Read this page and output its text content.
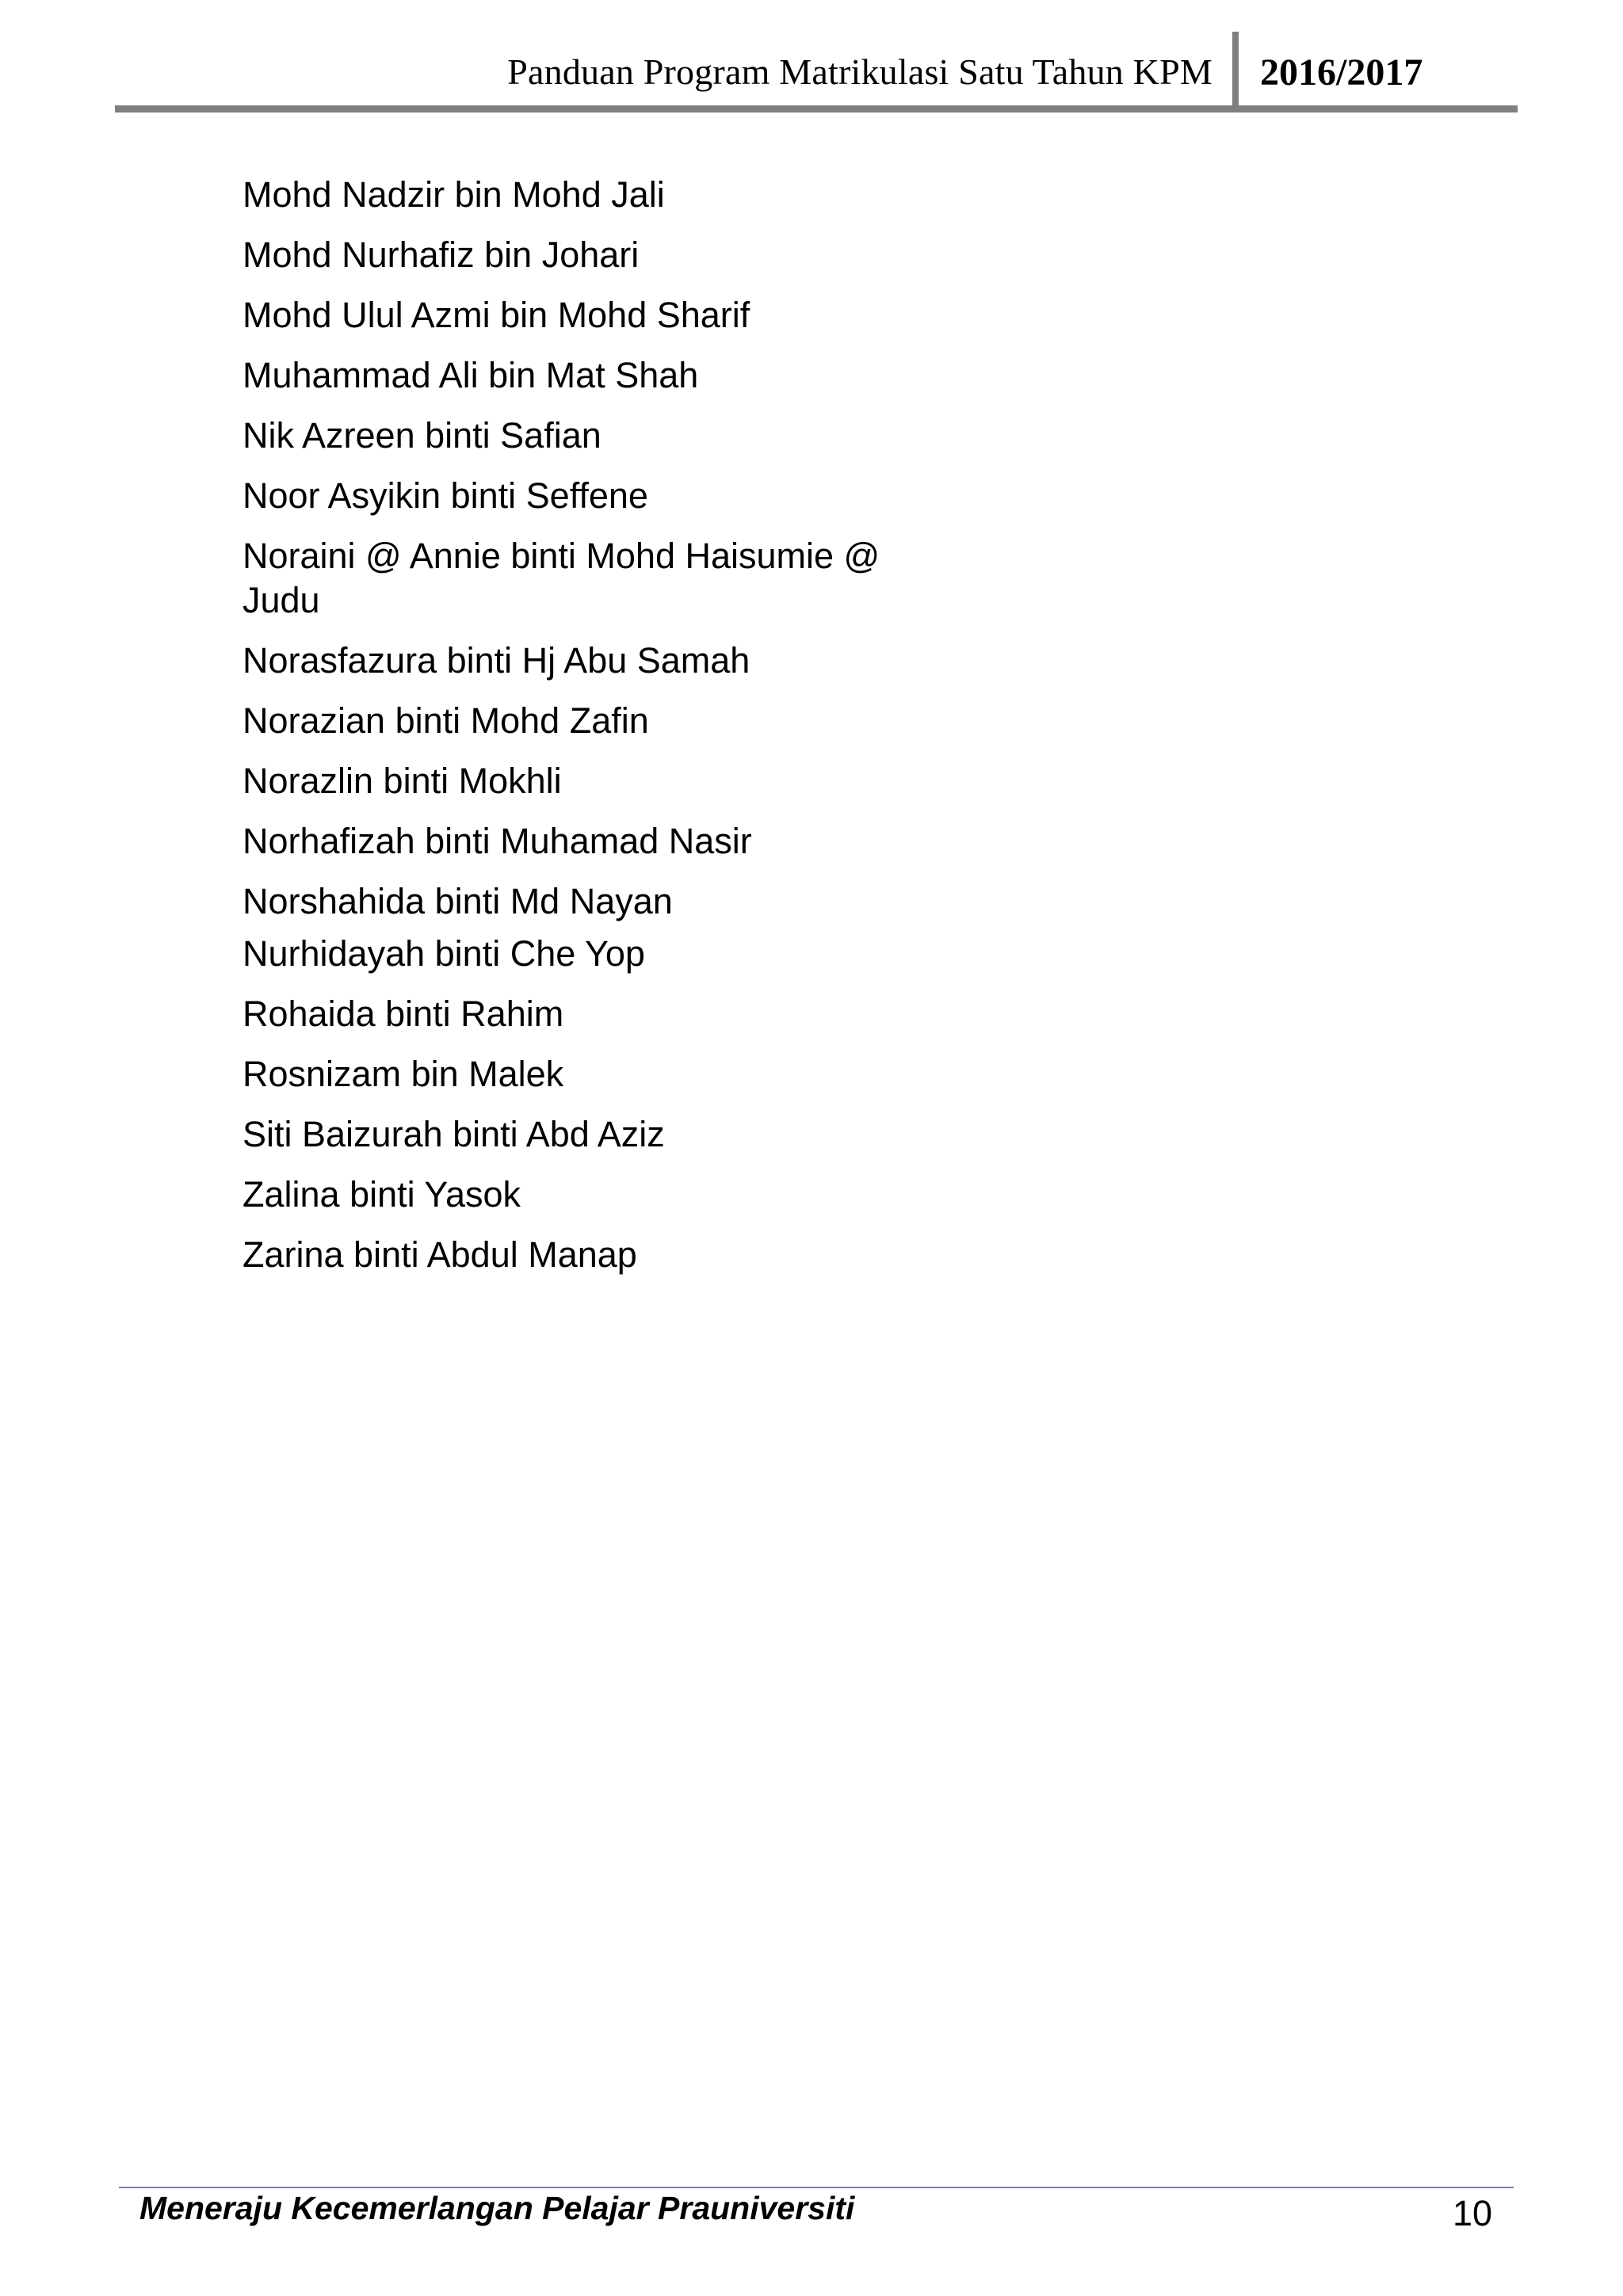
Panduan Program Matrikulasi Satu Tahun KPM 2016/2017
Mohd Nadzir bin Mohd Jali
Mohd Nurhafiz bin Johari
Mohd Ulul Azmi bin Mohd Sharif
Muhammad Ali bin Mat Shah
Nik Azreen binti Safian
Noor Asyikin binti Seffene
Noraini @ Annie binti Mohd Haisumie @ Judu
Norasfazura binti Hj Abu Samah
Norazian binti Mohd Zafin
Norazlin binti Mokhli
Norhafizah binti Muhamad Nasir
Norshahida binti Md Nayan
Nurhidayah binti Che Yop
Rohaida binti Rahim
Rosnizam bin Malek
Siti Baizurah binti Abd Aziz
Zalina binti Yasok
Zarina binti Abdul Manap
Meneraju Kecemerlangan Pelajar Prauniversiti	10
